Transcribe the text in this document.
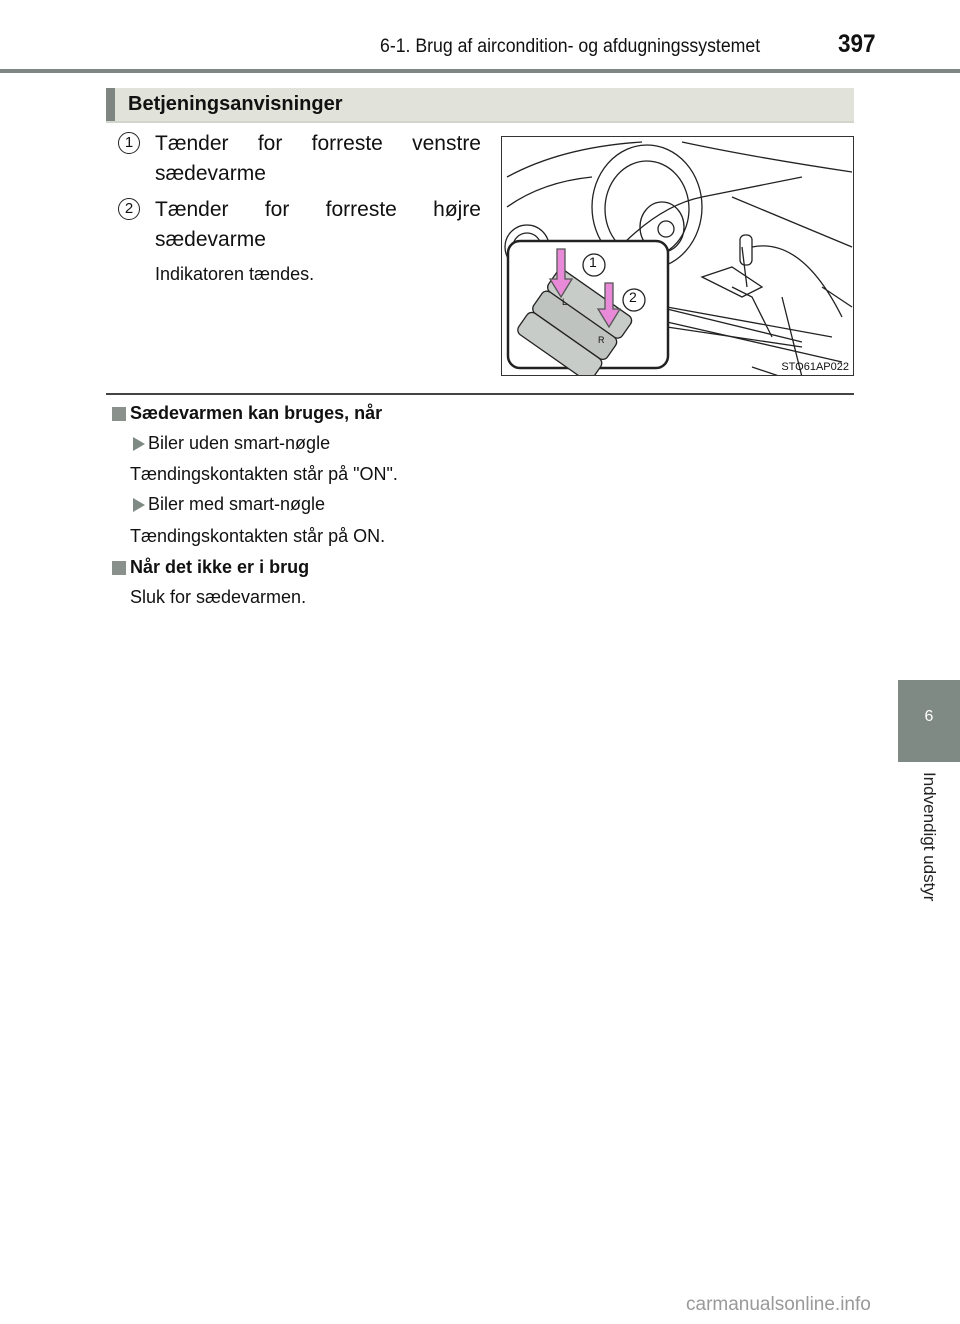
6-1. Brug af aircondition- og afdugningssystemet	397
Betjeningsanvisninger
1	Tænder for forreste venstre
sædevarme
2	Tænder for forreste højre
sædevarme
Indikatoren tændes.
1
2
L
R
STO61AP022
Sædevarmen kan bruges, når
Biler uden smart-nøgle
Tændingskontakten står på "ON".
Biler med smart-nøgle
Tændingskontakten står på ON.
Når det ikke er i brug
Sluk for sædevarmen.
6
Indvendigt udstyr
carmanualsonline.info
